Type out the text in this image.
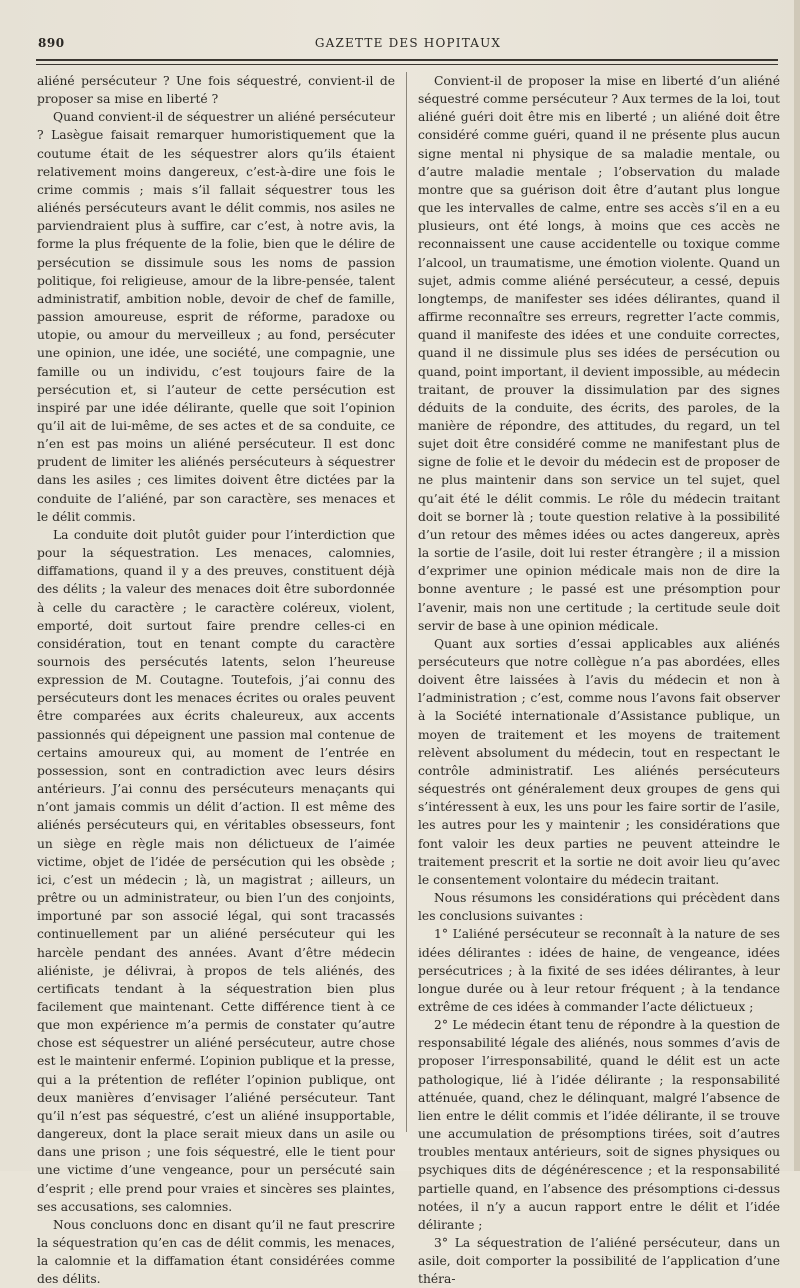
890	GAZETTE DES HOPITAUX

aliéné persécuteur ? Une fois séquestré, convient-il de proposer sa mise en liberté ?

Quand convient-il de séquestrer un aliéné persécuteur ? Lasègue faisait remarquer humoristiquement que la coutume était de les séquestrer alors qu’ils étaient relativement moins dangereux, c’est-à-dire une fois le crime commis ; mais s’il fallait séquestrer tous les aliénés persécuteurs avant le délit commis, nos asiles ne parviendraient plus à suffire, car c’est, à notre avis, la forme la plus fréquente de la folie, bien que le délire de persécution se dissimule sous les noms de passion politique, foi religieuse, amour de la libre-pensée, talent administratif, ambition noble, devoir de chef de famille, passion amoureuse, esprit de réforme, paradoxe ou utopie, ou amour du merveilleux ; au fond, persécuter une opinion, une idée, une société, une compagnie, une famille ou un individu, c’est toujours faire de la persécution et, si l’auteur de cette persécution est inspiré par une idée délirante, quelle que soit l’opinion qu’il ait de lui-même, de ses actes et de sa conduite, ce n’en est pas moins un aliéné persécuteur. Il est donc prudent de limiter les aliénés persécuteurs à séquestrer dans les asiles ; ces limites doivent être dictées par la conduite de l’aliéné, par son caractère, ses menaces et le délit commis.

La conduite doit plutôt guider pour l’interdiction que pour la séquestration. Les menaces, calomnies, diffamations, quand il y a des preuves, constituent déjà des délits ; la valeur des menaces doit être subordonnée à celle du caractère ; le caractère coléreux, violent, emporté, doit surtout faire prendre celles-ci en considération, tout en tenant compte du caractère sournois des persécutés latents, selon l’heureuse expression de M. Coutagne. Toutefois, j’ai connu des persécuteurs dont les menaces écrites ou orales peuvent être comparées aux écrits chaleureux, aux accents passionnés qui dépeignent une passion mal contenue de certains amoureux qui, au moment de l’entrée en possession, sont en contradiction avec leurs désirs antérieurs. J’ai connu des persécuteurs menaçants qui n’ont jamais commis un délit d’action. Il est même des aliénés persécuteurs qui, en véritables obsesseurs, font un siège en règle mais non délictueux de l’aimée victime, objet de l’idée de persécution qui les obsède ; ici, c’est un médecin ; là, un magistrat ; ailleurs, un prêtre ou un administrateur, ou bien l’un des conjoints, importuné par son associé légal, qui sont tracassés continuellement par un aliéné persécuteur qui les harcèle pendant des années. Avant d’être médecin aliéniste, je délivrai, à propos de tels aliénés, des certificats tendant à la séquestration bien plus facilement que maintenant. Cette différence tient à ce que mon expérience m’a permis de constater qu’autre chose est séquestrer un aliéné persécuteur, autre chose est le maintenir enfermé. L’opinion publique et la presse, qui a la prétention de refléter l’opinion publique, ont deux manières d’envisager l’aliéné persécuteur. Tant qu’il n’est pas séquestré, c’est un aliéné insupportable, dangereux, dont la place serait mieux dans un asile ou dans une prison ; une fois séquestré, elle le tient pour une victime d’une vengeance, pour un persécuté sain d’esprit ; elle prend pour vraies et sincères ses plaintes, ses accusations, ses calomnies.

Nous concluons donc en disant qu’il ne faut prescrire la séquestration qu’en cas de délit commis, les menaces, la calomnie et la diffamation étant considérées comme des délits.

Convient-il de proposer la mise en liberté d’un aliéné séquestré comme persécuteur ? Aux termes de la loi, tout aliéné guéri doit être mis en liberté ; un aliéné doit être considéré comme guéri, quand il ne présente plus aucun signe mental ni physique de sa maladie mentale, ou d’autre maladie mentale ; l’observation du malade montre que sa guérison doit être d’autant plus longue que les intervalles de calme, entre ses accès s’il en a eu plusieurs, ont été longs, à moins que ces accès ne reconnaissent une cause accidentelle ou toxique comme l’alcool, un traumatisme, une émotion violente. Quand un sujet, admis comme aliéné persécuteur, a cessé, depuis longtemps, de manifester ses idées délirantes, quand il affirme reconnaître ses erreurs, regretter l’acte commis, quand il manifeste des idées et une conduite correctes, quand il ne dissimule plus ses idées de persécution ou quand, point important, il devient impossible, au médecin traitant, de prouver la dissimulation par des signes déduits de la conduite, des écrits, des paroles, de la manière de répondre, des attitudes, du regard, un tel sujet doit être considéré comme ne manifestant plus de signe de folie et le devoir du médecin est de proposer de ne plus maintenir dans son service un tel sujet, quel qu’ait été le délit commis. Le rôle du médecin traitant doit se borner là ; toute question relative à la possibilité d’un retour des mêmes idées ou actes dangereux, après la sortie de l’asile, doit lui rester étrangère ; il a mission d’exprimer une opinion médicale mais non de dire la bonne aventure ; le passé est une présomption pour l’avenir, mais non une certitude ; la certitude seule doit servir de base à une opinion médicale.

Quant aux sorties d’essai applicables aux aliénés persécuteurs que notre collègue n’a pas abordées, elles doivent être laissées à l’avis du médecin et non à l’administration ; c’est, comme nous l’avons fait observer à la Société internationale d’Assistance publique, un moyen de traitement et les moyens de traitement relèvent absolument du médecin, tout en respectant le contrôle administratif. Les aliénés persécuteurs séquestrés ont généralement deux groupes de gens qui s’intéressent à eux, les uns pour les faire sortir de l’asile, les autres pour les y maintenir ; les considérations que font valoir les deux parties ne peuvent atteindre le traitement prescrit et la sortie ne doit avoir lieu qu’avec le consentement volontaire du médecin traitant.

Nous résumons les considérations qui précèdent dans les conclusions suivantes :

1° L’aliéné persécuteur se reconnaît à la nature de ses idées délirantes : idées de haine, de vengeance, idées persécutrices ; à la fixité de ses idées délirantes, à leur longue durée ou à leur retour fréquent ; à la tendance extrême de ces idées à commander l’acte délictueux ;

2° Le médecin étant tenu de répondre à la question de responsabilité légale des aliénés, nous sommes d’avis de proposer l’irresponsabilité, quand le délit est un acte pathologique, lié à l’idée délirante ; la responsabilité atténuée, quand, chez le délinquant, malgré l’absence de lien entre le délit commis et l’idée délirante, il se trouve une accumulation de présomptions tirées, soit d’autres troubles mentaux antérieurs, soit de signes physiques ou psychiques dits de dégénérescence ; et la responsabilité partielle quand, en l’absence des présomptions ci-dessus notées, il n’y a aucun rapport entre le délit et l’idée délirante ;

3° La séquestration de l’aliéné persécuteur, dans un asile, doit comporter la possibilité de l’application d’une théra-
